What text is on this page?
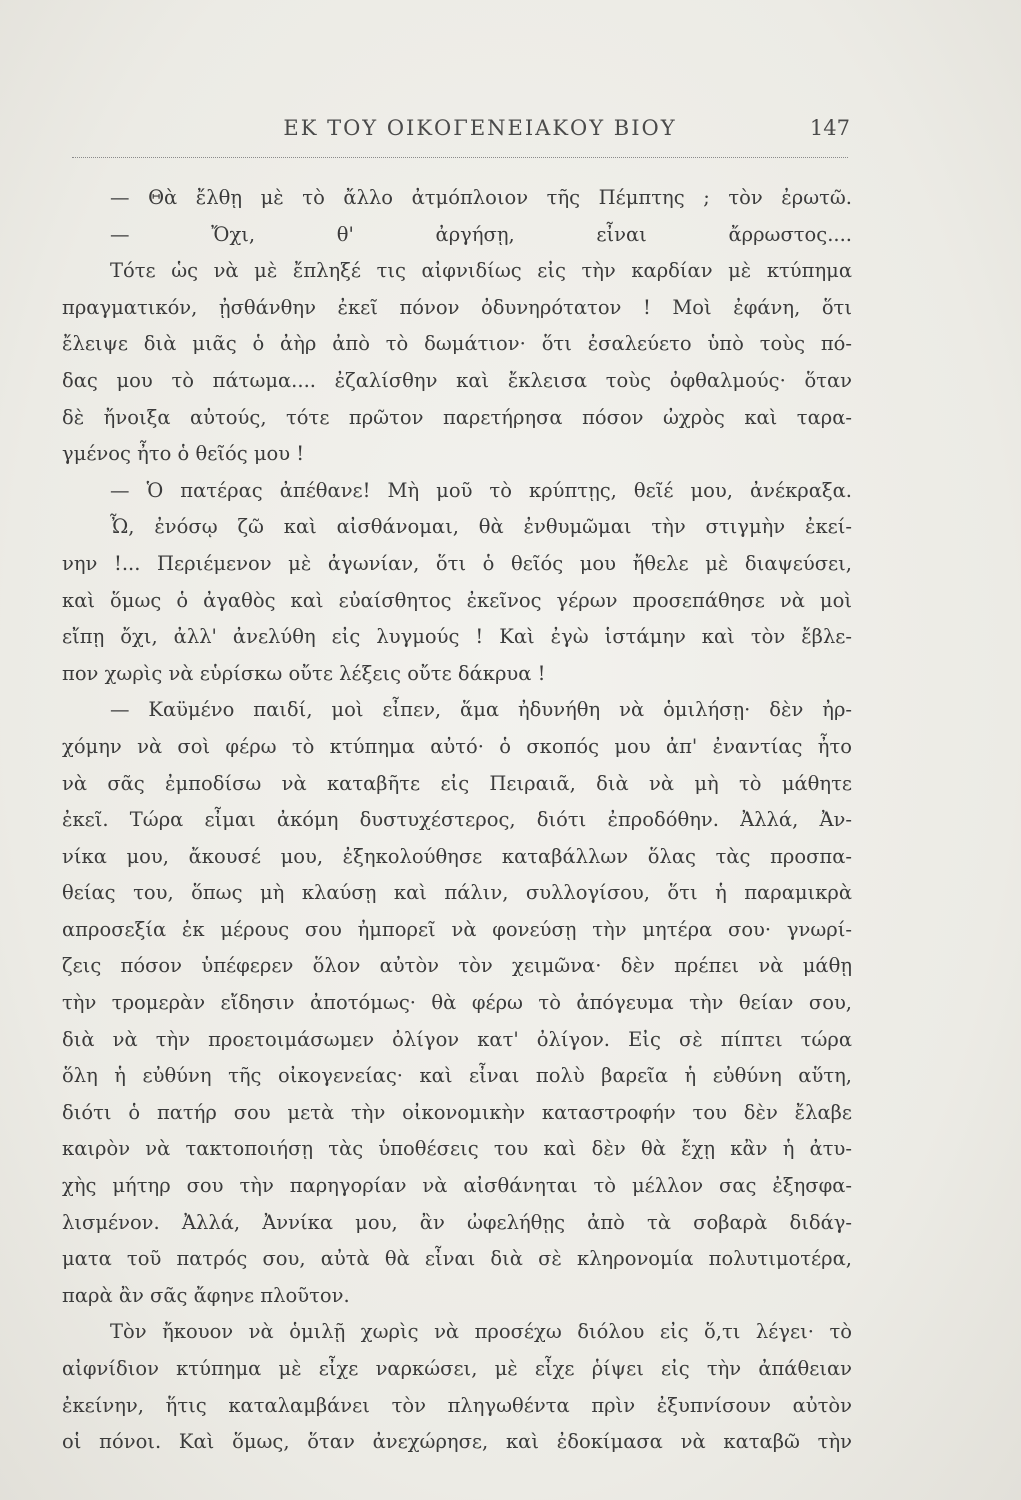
ΕΚ ΤΟΥ ΟΙΚΟΓΕΝΕΙΑΚΟΥ ΒΙΟΥ	147
— Θὰ ἔλθῃ μὲ τὸ ἄλλο ἀτμόπλοιον τῆς Πέμπτης ; τὸν ἐρωτῶ.
— Ὄχι, θ' ἀργήσῃ, εἶναι ἄρρωστος....
Τότε ὡς νὰ μὲ ἔπληξέ τις αἰφνιδίως εἰς τὴν καρδίαν μὲ κτύπημα
πραγματικόν, ᾐσθάνθην ἐκεῖ πόνον ὀδυνηρότατον ! Μοὶ ἐφάνη, ὅτι
ἔλειψε διὰ μιᾶς ὁ ἀὴρ ἀπὸ τὸ δωμάτιον· ὅτι ἐσαλεύετο ὑπὸ τοὺς πό-
δας μου τὸ πάτωμα.... ἐζαλίσθην καὶ ἔκλεισα τοὺς ὀφθαλμούς· ὅταν
δὲ ἤνοιξα αὐτούς, τότε πρῶτον παρετήρησα πόσον ὠχρὸς καὶ ταρα-
γμένος ἦτο ὁ θεῖός μου !
— Ὁ πατέρας ἀπέθανε! Μὴ μοῦ τὸ κρύπτῃς, θεῖέ μου, ἀνέκραξα.
Ὦ, ἐνόσῳ ζῶ καὶ αἰσθάνομαι, θὰ ἐνθυμῶμαι τὴν στιγμὴν ἐκεί-
νην !... Περιέμενον μὲ ἀγωνίαν, ὅτι ὁ θεῖός μου ἤθελε μὲ διαψεύσει,
καὶ ὅμως ὁ ἀγαθὸς καὶ εὐαίσθητος ἐκεῖνος γέρων προσεπάθησε νὰ μοὶ
εἴπῃ ὄχι, ἀλλ' ἀνελύθη εἰς λυγμούς ! Καὶ ἐγὼ ἱστάμην καὶ τὸν ἔβλε-
πον χωρὶς νὰ εὑρίσκω οὔτε λέξεις οὔτε δάκρυα !
— Καϋμένο παιδί, μοὶ εἶπεν, ἅμα ἠδυνήθη νὰ ὁμιλήσῃ· δὲν ἠρ-
χόμην νὰ σοὶ φέρω τὸ κτύπημα αὐτό· ὁ σκοπός μου ἀπ' ἐναντίας ἦτο
νὰ σᾶς ἐμποδίσω νὰ καταβῆτε εἰς Πειραιᾶ, διὰ νὰ μὴ τὸ μάθητε
ἐκεῖ. Τώρα εἶμαι ἀκόμη δυστυχέστερος, διότι ἐπροδόθην. Ἀλλά, Ἀν-
νίκα μου, ἄκουσέ μου, ἐξηκολούθησε καταβάλλων ὅλας τὰς προσπα-
θείας του, ὅπως μὴ κλαύσῃ καὶ πάλιν, συλλογίσου, ὅτι ἡ παραμικρὰ
απροσεξία ἐκ μέρους σου ἠμπορεῖ νὰ φονεύσῃ τὴν μητέρα σου· γνωρί-
ζεις πόσον ὑπέφερεν ὅλον αὐτὸν τὸν χειμῶνα· δὲν πρέπει νὰ μάθῃ
τὴν τρομερὰν εἴδησιν ἀποτόμως· θὰ φέρω τὸ ἀπόγευμα τὴν θείαν σου,
διὰ νὰ τὴν προετοιμάσωμεν ὀλίγον κατ' ὀλίγον. Εἰς σὲ πίπτει τώρα
ὅλη ἡ εὐθύνη τῆς οἰκογενείας· καὶ εἶναι πολὺ βαρεῖα ἡ εὐθύνη αὕτη,
διότι ὁ πατήρ σου μετὰ τὴν οἰκονομικὴν καταστροφήν του δὲν ἔλαβε
καιρὸν νὰ τακτοποιήσῃ τὰς ὑποθέσεις του καὶ δὲν θὰ ἔχῃ κἂν ἡ ἀτυ-
χὴς μήτηρ σου τὴν παρηγορίαν νὰ αἰσθάνηται τὸ μέλλον σας ἐξησφα-
λισμένον. Ἀλλά, Ἀννίκα μου, ἂν ὠφελήθῃς ἀπὸ τὰ σοβαρὰ διδάγ-
ματα τοῦ πατρός σου, αὐτὰ θὰ εἶναι διὰ σὲ κληρονομία πολυτιμοτέρα,
παρὰ ἂν σᾶς ἄφηνε πλοῦτον.
Τὸν ἤκουον νὰ ὁμιλῇ χωρὶς νὰ προσέχω διόλου εἰς ὅ,τι λέγει· τὸ
αἰφνίδιον κτύπημα μὲ εἶχε ναρκώσει, μὲ εἶχε ῥίψει εἰς τὴν ἀπάθειαν
ἐκείνην, ἥτις καταλαμβάνει τὸν πληγωθέντα πρὶν ἐξυπνίσουν αὐτὸν
οἱ πόνοι. Καὶ ὅμως, ὅταν ἀνεχώρησε, καὶ ἐδοκίμασα νὰ καταβῶ τὴν
